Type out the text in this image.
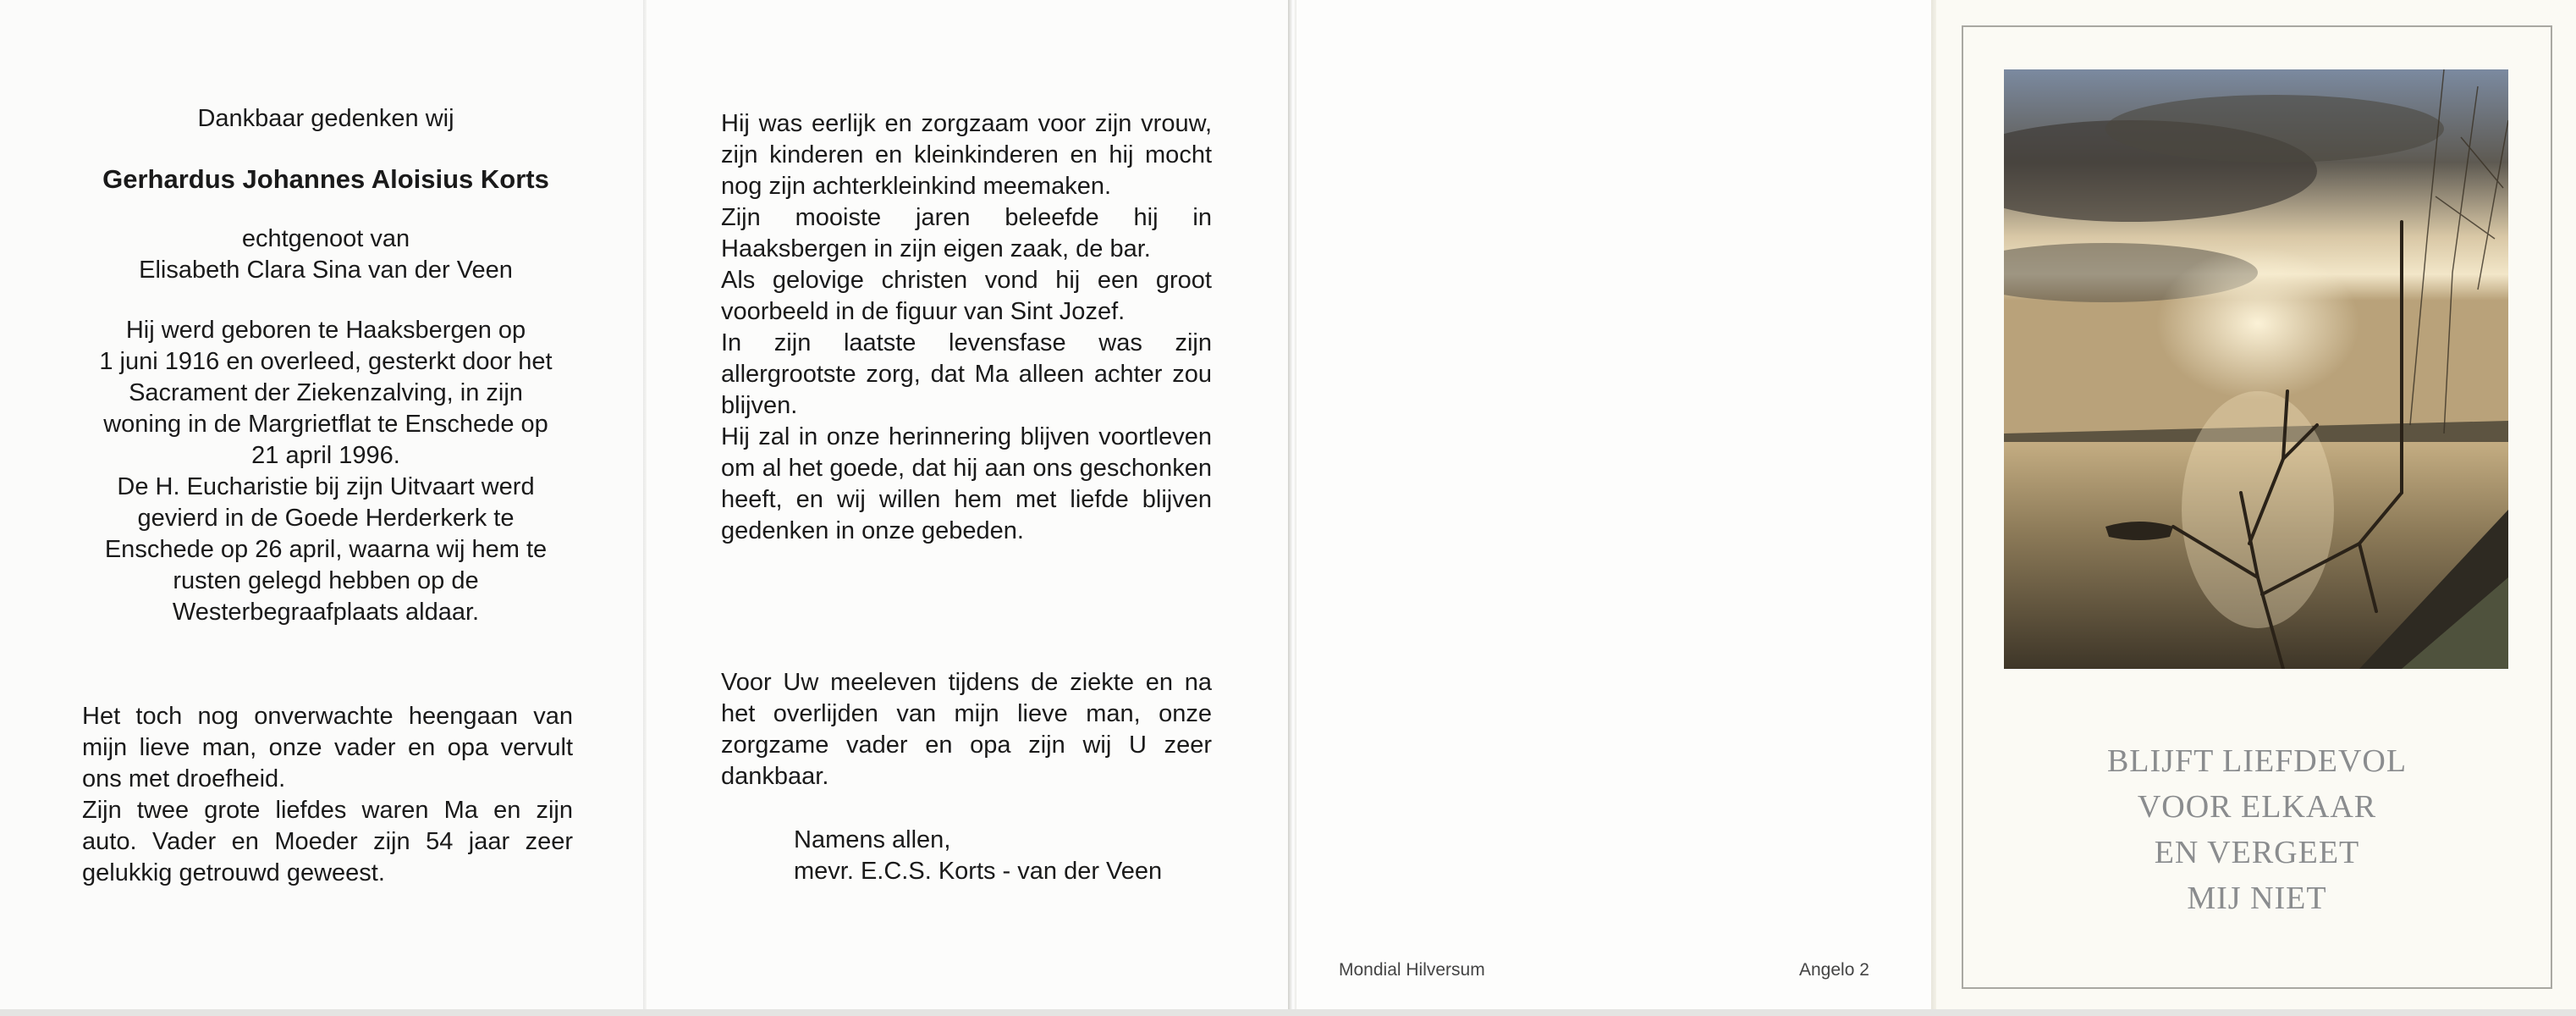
Dankbaar gedenken wij

Gerhardus Johannes Aloisius Korts

echtgenoot van

Elisabeth Clara Sina van der Veen

Hij werd geboren te Haaksbergen op

1 juni 1916 en overleed, gesterkt door het

Sacrament der Ziekenzalving, in zijn

woning in de Margrietflat te Enschede op

21 april 1996.

De H. Eucharistie bij zijn Uitvaart werd

gevierd in de Goede Herderkerk te

Enschede op 26 april, waarna wij hem te

rusten gelegd hebben op de

Westerbegraafplaats aldaar.

Het toch nog onverwachte heengaan van mijn lieve man, onze vader en opa vervult ons met droefheid.

Zijn twee grote liefdes waren Ma en zijn auto. Vader en Moeder zijn 54 jaar zeer gelukkig getrouwd geweest.

Hij was eerlijk en zorgzaam voor zijn vrouw, zijn kinderen en kleinkinderen en hij mocht nog zijn achterkleinkind meemaken.

Zijn mooiste jaren beleefde hij in Haaksbergen in zijn eigen zaak, de bar.

Als gelovige christen vond hij een groot voorbeeld in de figuur van Sint Jozef.

In zijn laatste levensfase was zijn allergrootste zorg, dat Ma alleen achter zou blijven.

Hij zal in onze herinnering blijven voortleven om al het goede, dat hij aan ons geschonken heeft, en wij willen hem met liefde blijven gedenken in onze gebeden.

Voor Uw meeleven tijdens de ziekte en na het overlijden van mijn lieve man, onze zorgzame vader en opa zijn wij U zeer dankbaar.

Namens allen,

mevr. E.C.S. Korts - van der Veen

Mondial Hilversum	Angelo 2

BLIJFT LIEFDEVOL

VOOR ELKAAR

EN VERGEET

MIJ NIET
